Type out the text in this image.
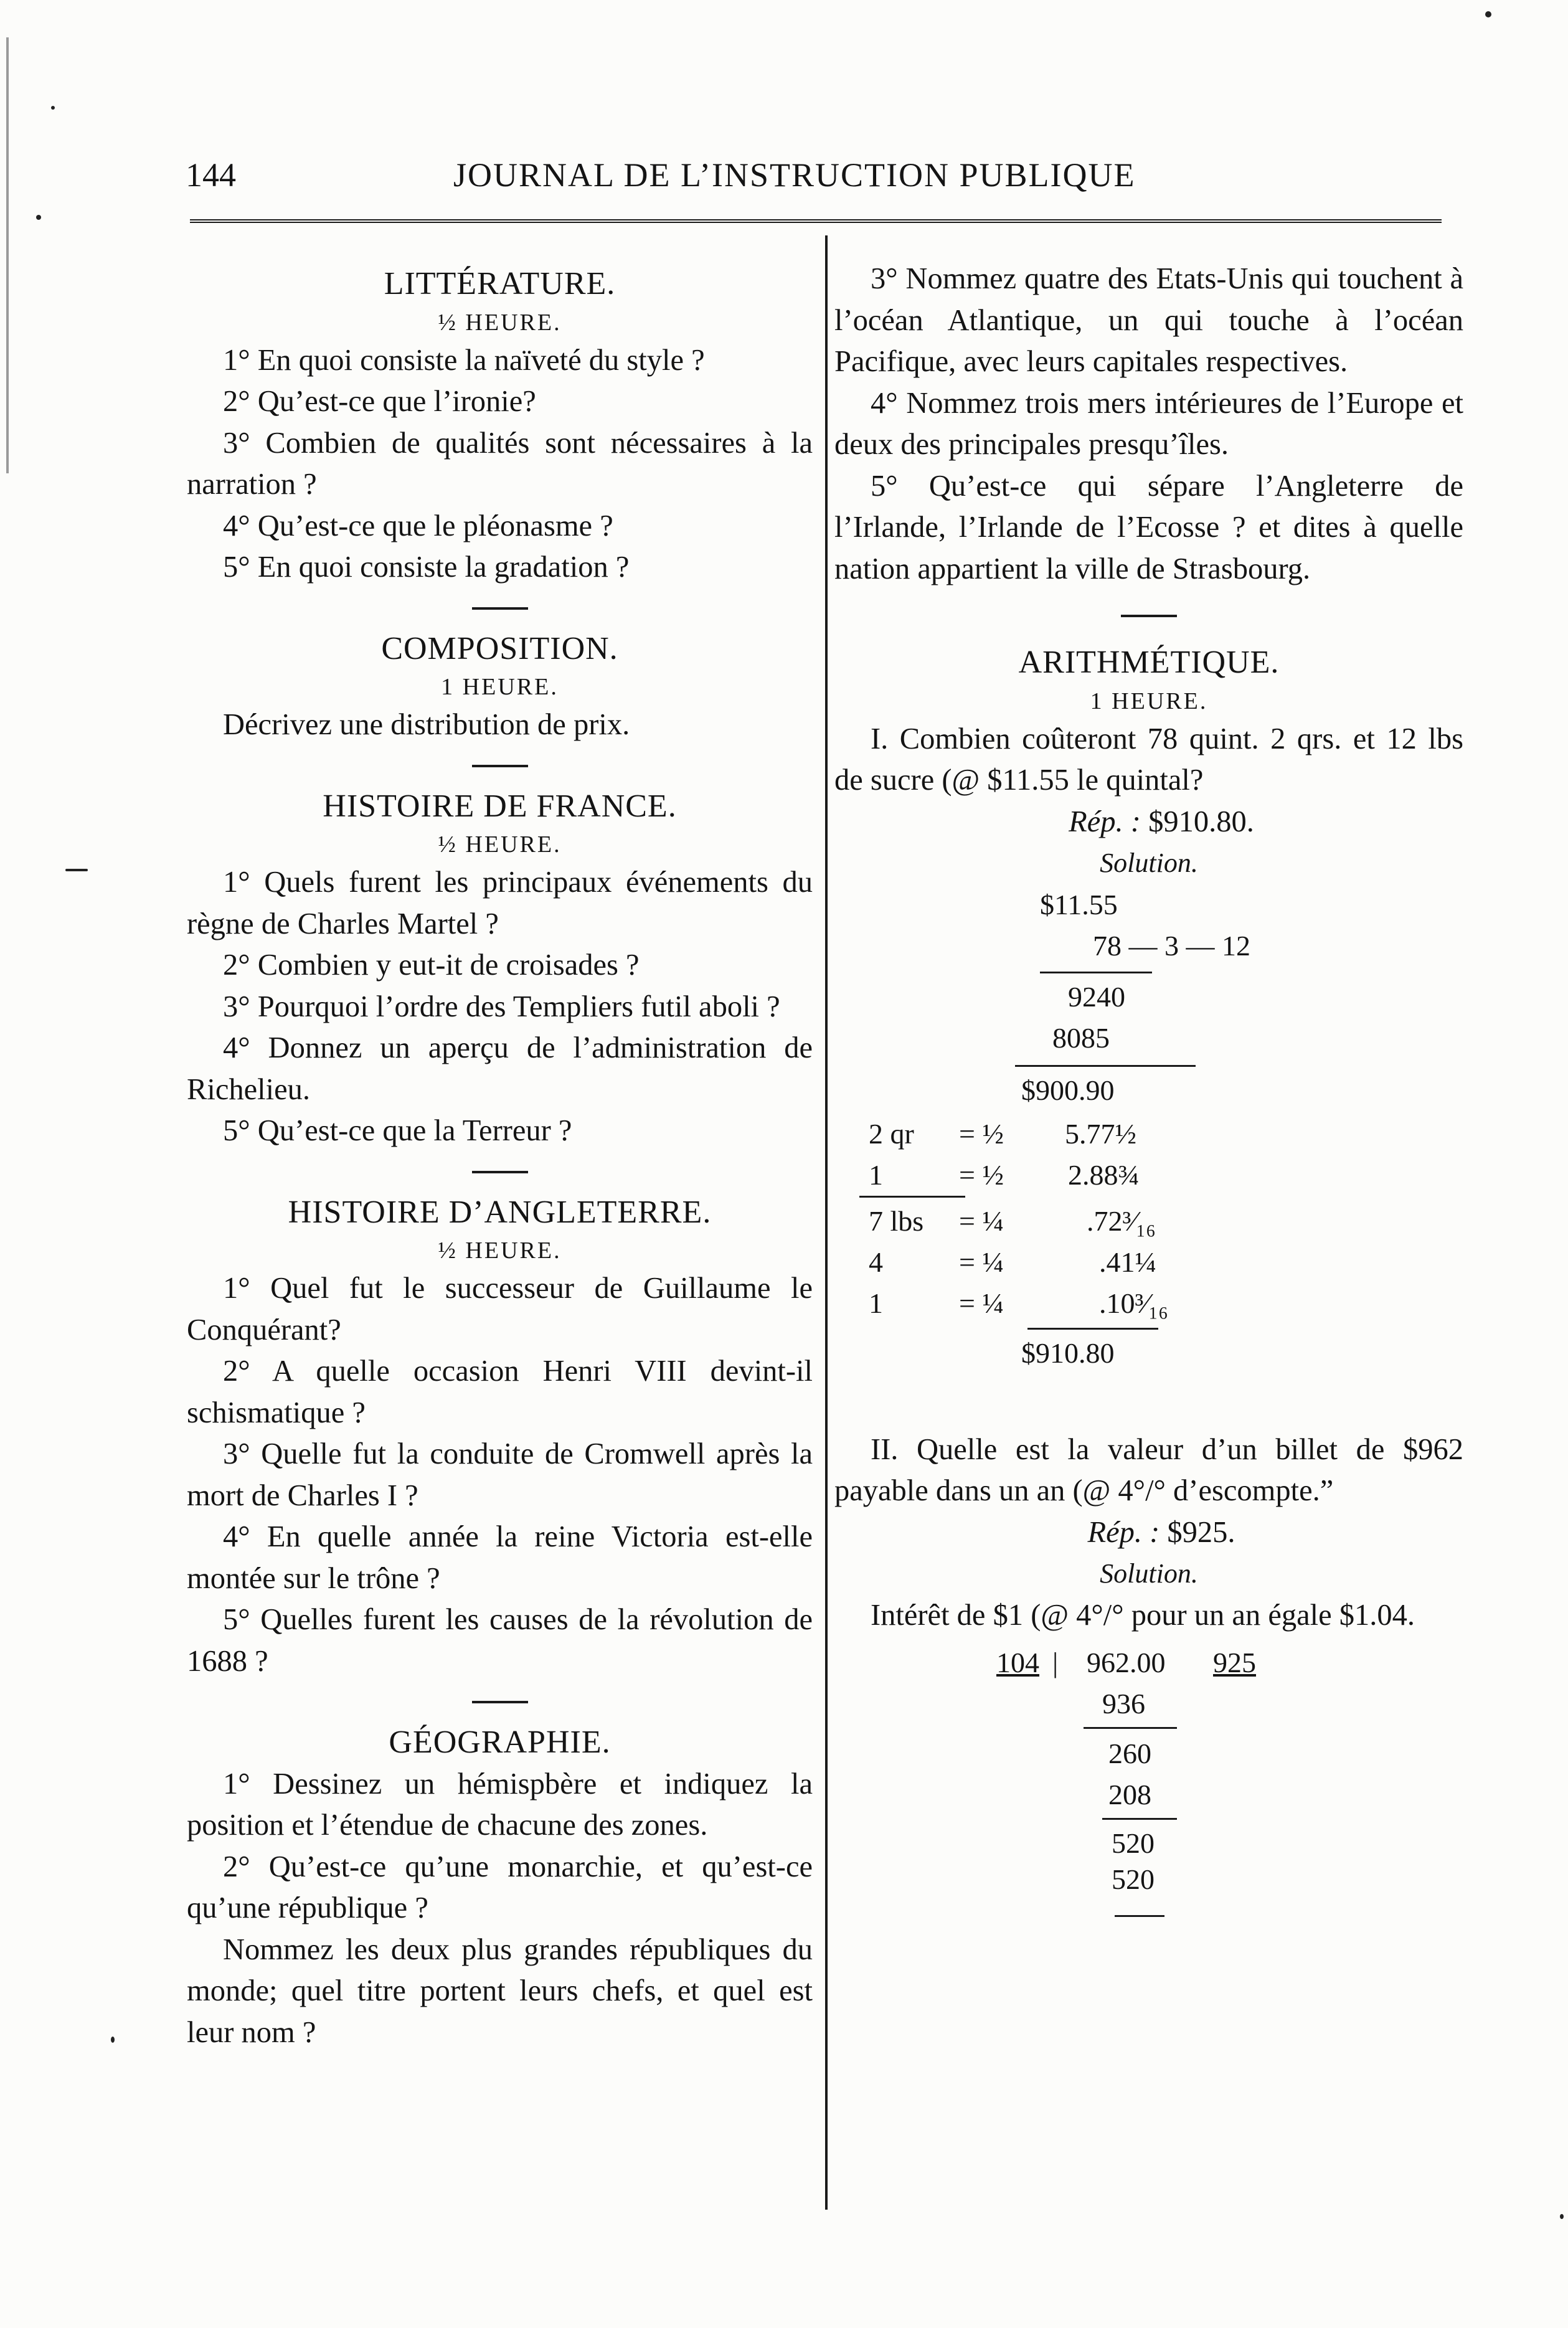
144	JOURNAL DE L’INSTRUCTION PUBLIQUE
LITTÉRATURE.
½ HEURE.
1° En quoi consiste la naïveté du style ?
2° Qu’est-ce que l’ironie?
3° Combien de qualités sont nécessaires à la narration ?
4° Qu’est-ce que le pléonasme ?
5° En quoi consiste la gradation ?
COMPOSITION.
1 HEURE.
Décrivez une distribution de prix.
HISTOIRE DE FRANCE.
½ HEURE.
1° Quels furent les principaux événements du règne de Charles Martel ?
2° Combien y eut-it de croisades ?
3° Pourquoi l’ordre des Templiers futil aboli ?
4° Donnez un aperçu de l’administration de Richelieu.
5° Qu’est-ce que la Terreur ?
HISTOIRE D’ANGLETERRE.
½ HEURE.
1° Quel fut le successeur de Guillaume le Conquérant?
2° A quelle occasion Henri VIII devint-il schismatique ?
3° Quelle fut la conduite de Cromwell après la mort de Charles I ?
4° En quelle année la reine Victoria est-elle montée sur le trône ?
5° Quelles furent les causes de la révolution de 1688 ?
GÉOGRAPHIE.
1° Dessinez un hémispbère et indiquez la position et l’étendue de chacune des zones.
2° Qu’est-ce qu’une monarchie, et qu’est-ce qu’une république ?
Nommez les deux plus grandes républiques du monde; quel titre portent leurs chefs, et quel est leur nom ?
3° Nommez quatre des Etats-Unis qui touchent à l’océan Atlantique, un qui touche à l’océan Pacifique, avec leurs capitales respectives.
4° Nommez trois mers intérieures de l’Europe et deux des principales presqu’îles.
5° Qu’est-ce qui sépare l’Angleterre de l’Irlande, l’Irlande de l’Ecosse ? et dites à quelle nation appartient la ville de Strasbourg.
ARITHMÉTIQUE.
1 HEURE.
I. Combien coûteront 78 quint. 2 qrs. et 12 lbs de sucre (@ $11.55 le quintal?
Rép. : $910.80.
Solution.
$11.55
78 — 3 — 12
9240
8085
$900.90
2 qr = ½ 5.77½
1	= ½ 2.88¾
7 lbs = ¼	.72³⁄₁₆
4	= ¼	.41¼
1	= ¼	.10³⁄₁₆
$910.80
II. Quelle est la valeur d’un billet de $962 payable dans un an (@ 4°/° d’escompte.”
Rép. : $925.
Solution.
Intérêt de $1 (@ 4°/° pour un an égale $1.04.
104 | 962.00 925
936
260
208
520
520
